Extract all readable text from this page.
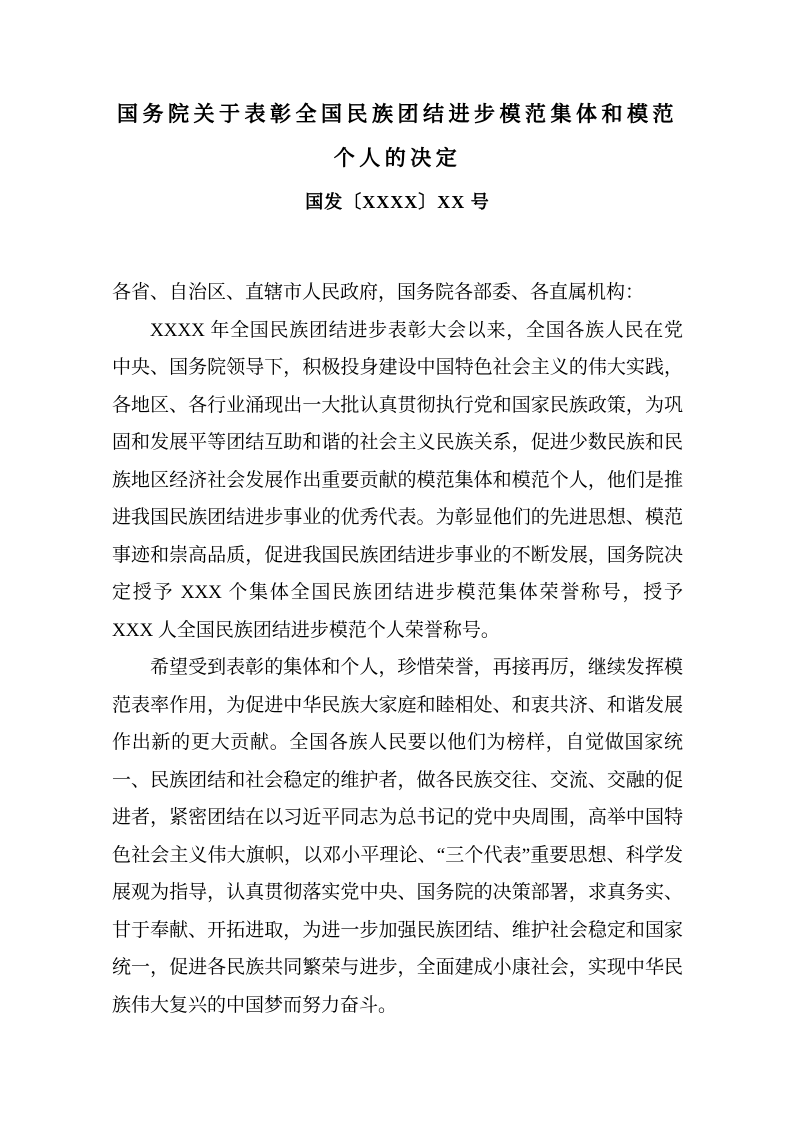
国务院关于表彰全国民族团结进步模范集体和模范个人的决定
国发〔XXXX〕XX 号

各省、自治区、直辖市人民政府，国务院各部委、各直属机构：

XXXX 年全国民族团结进步表彰大会以来，全国各族人民在党中央、国务院领导下，积极投身建设中国特色社会主义的伟大实践，各地区、各行业涌现出一大批认真贯彻执行党和国家民族政策，为巩固和发展平等团结互助和谐的社会主义民族关系，促进少数民族和民族地区经济社会发展作出重要贡献的模范集体和模范个人，他们是推进我国民族团结进步事业的优秀代表。为彰显他们的先进思想、模范事迹和崇高品质，促进我国民族团结进步事业的不断发展，国务院决定授予 XXX 个集体全国民族团结进步模范集体荣誉称号，授予 XXX 人全国民族团结进步模范个人荣誉称号。

希望受到表彰的集体和个人，珍惜荣誉，再接再厉，继续发挥模范表率作用，为促进中华民族大家庭和睦相处、和衷共济、和谐发展作出新的更大贡献。全国各族人民要以他们为榜样，自觉做国家统一、民族团结和社会稳定的维护者，做各民族交往、交流、交融的促进者，紧密团结在以习近平同志为总书记的党中央周围，高举中国特色社会主义伟大旗帜，以邓小平理论、“三个代表”重要思想、科学发展观为指导，认真贯彻落实党中央、国务院的决策部署，求真务实、甘于奉献、开拓进取，为进一步加强民族团结、维护社会稳定和国家统一，促进各民族共同繁荣与进步，全面建成小康社会，实现中华民族伟大复兴的中国梦而努力奋斗。
